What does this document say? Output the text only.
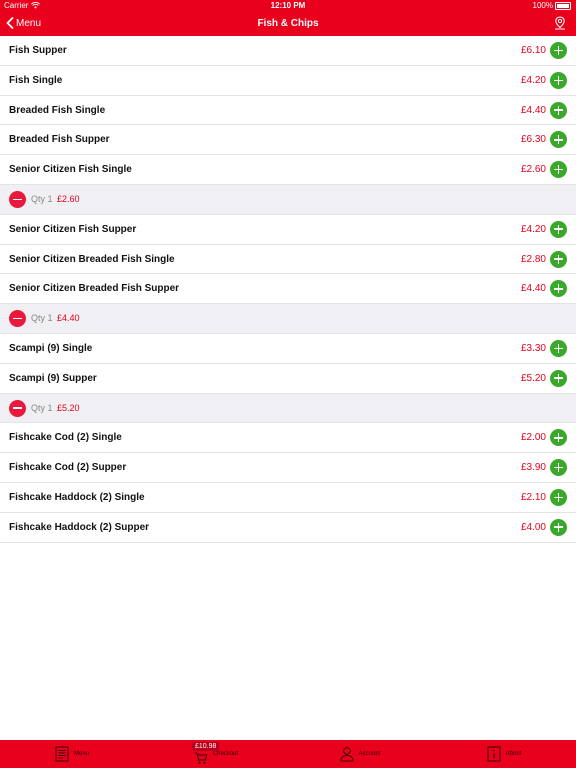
Carrier	12:10 PM	100%
Menu	Fish & Chips
Fish Supper	£6.10
Fish Single	£4.20
Breaded Fish Single	£4.40
Breaded Fish Supper	£6.30
Senior Citizen Fish Single	£2.60
Qty 1 £2.60
Senior Citizen Fish Supper	£4.20
Senior Citizen Breaded Fish Single	£2.80
Senior Citizen Breaded Fish Supper	£4.40
Qty 1 £4.40
Scampi (9) Single	£3.30
Scampi (9) Supper	£5.20
Qty 1 £5.20
Fishcake Cod (2) Single	£2.00
Fishcake Cod (2) Supper	£3.90
Fishcake Haddock (2) Single	£2.10
Fishcake Haddock (2) Supper	£4.00
Menu
£10.98
Checkout	Account	About
